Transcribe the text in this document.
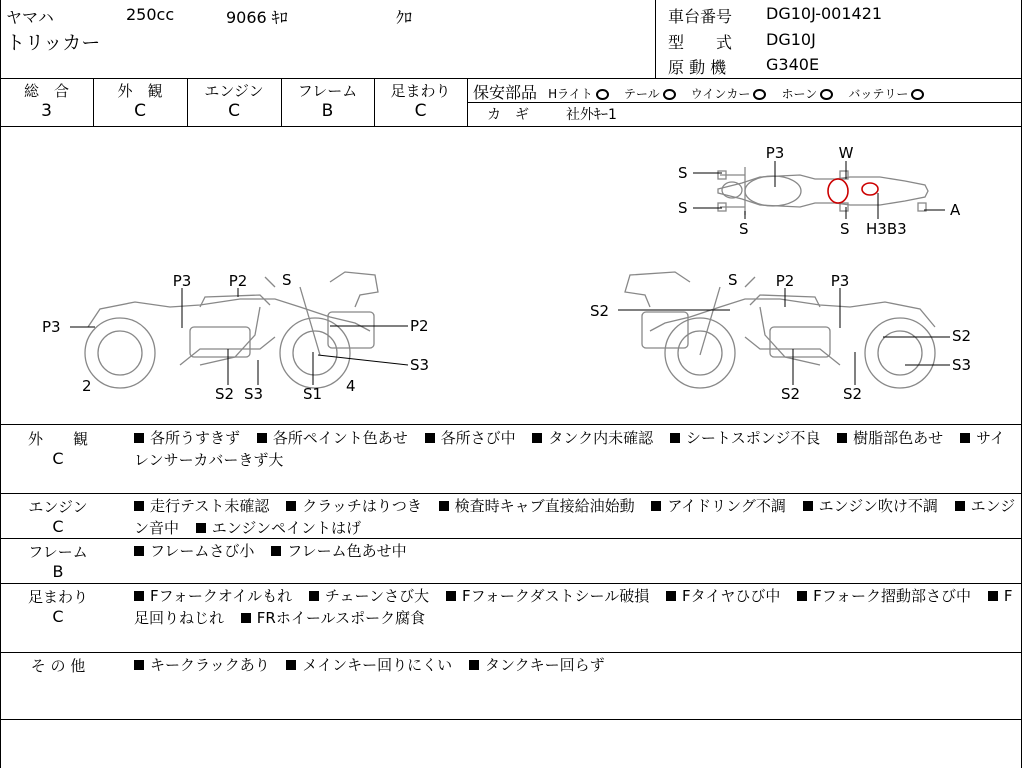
ヤマハ	250cc	9066 ｷﾛ	ｸﾛ
トリッカー
車台番号 DG10J-001421
型　　式 DG10J
原 動 機 G340E
総　合
3
外　観
C
エンジン
C
フレーム
B
足まわり
C
保安部品 Hライト	テール	ウインカー	ホーン	バッテリー
カ　ギ	社外ｷｰ1
P3	W
S
S
S	S H3B3
A
P3 P2 S
P3	P2
S3
2	S2 S3	S1 4
S	P2 P3
S2
S2
S3
S2	S2
外　　観
C
各所うすきず 各所ペイント色あせ 各所さび中 タンク内未確認 シートスポンジ不良 樹脂部色あせ サイレンサーカバーきず大
エンジン
C
走行テスト未確認 クラッチはりつき 検査時キャブ直接給油始動 アイドリング不調 エンジン吹け不調 エンジン音中 エンジンペイントはげ
フレーム
B
フレームさび小 フレーム色あせ中
足まわり
C
Fフォークオイルもれ チェーンさび大 Fフォークダストシール破損 Fタイヤひび中 Fフォーク摺動部さび中 F足回りねじれ FRホイールスポーク腐食
そ の 他	キークラックあり メインキー回りにくい タンクキー回らず
